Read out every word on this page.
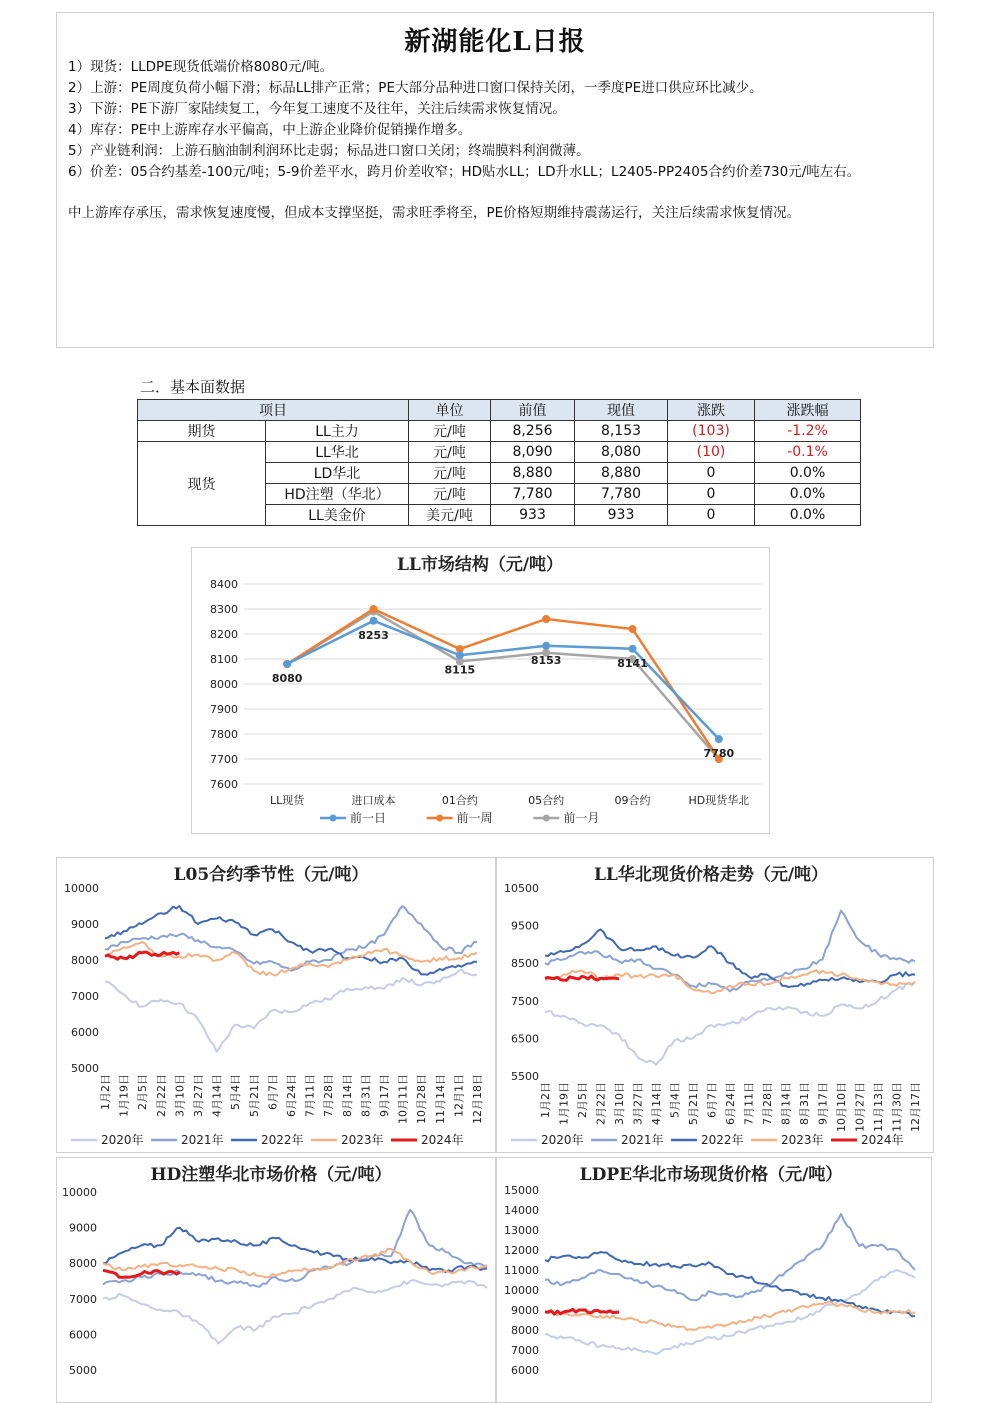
新湖能化L日报

1）现货：LLDPE现货低端价格8080元/吨。

2）上游：PE周度负荷小幅下滑；标品LL排产正常；PE大部分品种进口窗口保持关闭，一季度PE进口供应环比减少。

3）下游：PE下游厂家陆续复工，今年复工速度不及往年，关注后续需求恢复情况。

4）库存：PE中上游库存水平偏高，中上游企业降价促销操作增多。

5）产业链利润：上游石脑油制利润环比走弱；标品进口窗口关闭；终端膜料利润微薄。

6）价差：05合约基差-100元/吨；5-9价差平水，跨月价差收窄；HD贴水LL；LD升水LL；L2405-PP2405合约价差730元/吨左右。

中上游库存承压，需求恢复速度慢，但成本支撑坚挺，需求旺季将至，PE价格短期维持震荡运行，关注后续需求恢复情况。

二．基本面数据
项目		单位	前值	现值	涨跌	涨跌幅
期货	LL主力	元/吨	8,256	8,153	(103)	-1.2%
现货	LL华北	元/吨	8,090	8,080	(10)	-0.1%
	LD华北	元/吨	8,880	8,880	0	0.0%
	HD注塑（华北）	元/吨	7,780	7,780	0	0.0%
	LL美金价	美元/吨	933	933	0	0.0%
LL市场结构（元/吨）
7600
7700
7800
7900
8000
8100
8200
8300
8400
LL现货	进口成本	01合约	05合约	09合约	HD现货华北
8080
8253
8115
8153	8141
7780
前一日	前一周	前一月
L05合约季节性（元/吨）
5000
6000
7000
8000
9000
10000
1月2日 1月19日 2月5日 2月22日 3月10日 3月27日 4月14日 5月4日 5月21日 6月7日 6月24日 7月11日 7月28日 8月14日 8月31日 9月17日 10月11日 10月28日 11月14日 12月1日 12月18日
2020年	2021年	2022年	2023年	2024年
LL华北现货价格走势（元/吨）
5500
6500
7500
8500
9500
10500
1月2日 1月19日 2月5日 2月22日 3月10日 3月27日 4月14日 5月4日 5月21日 6月7日 6月24日 7月11日 7月28日 8月14日 8月31日 9月17日 10月10日 10月27日 11月13日 11月30日 12月17日
2020年	2021年	2022年	2023年	2024年
HD注塑华北市场价格（元/吨）
5000
6000
7000
8000
9000
10000
LDPE华北市场现货价格（元/吨）
6000
7000
8000
9000
10000
11000
12000
13000
14000
15000
